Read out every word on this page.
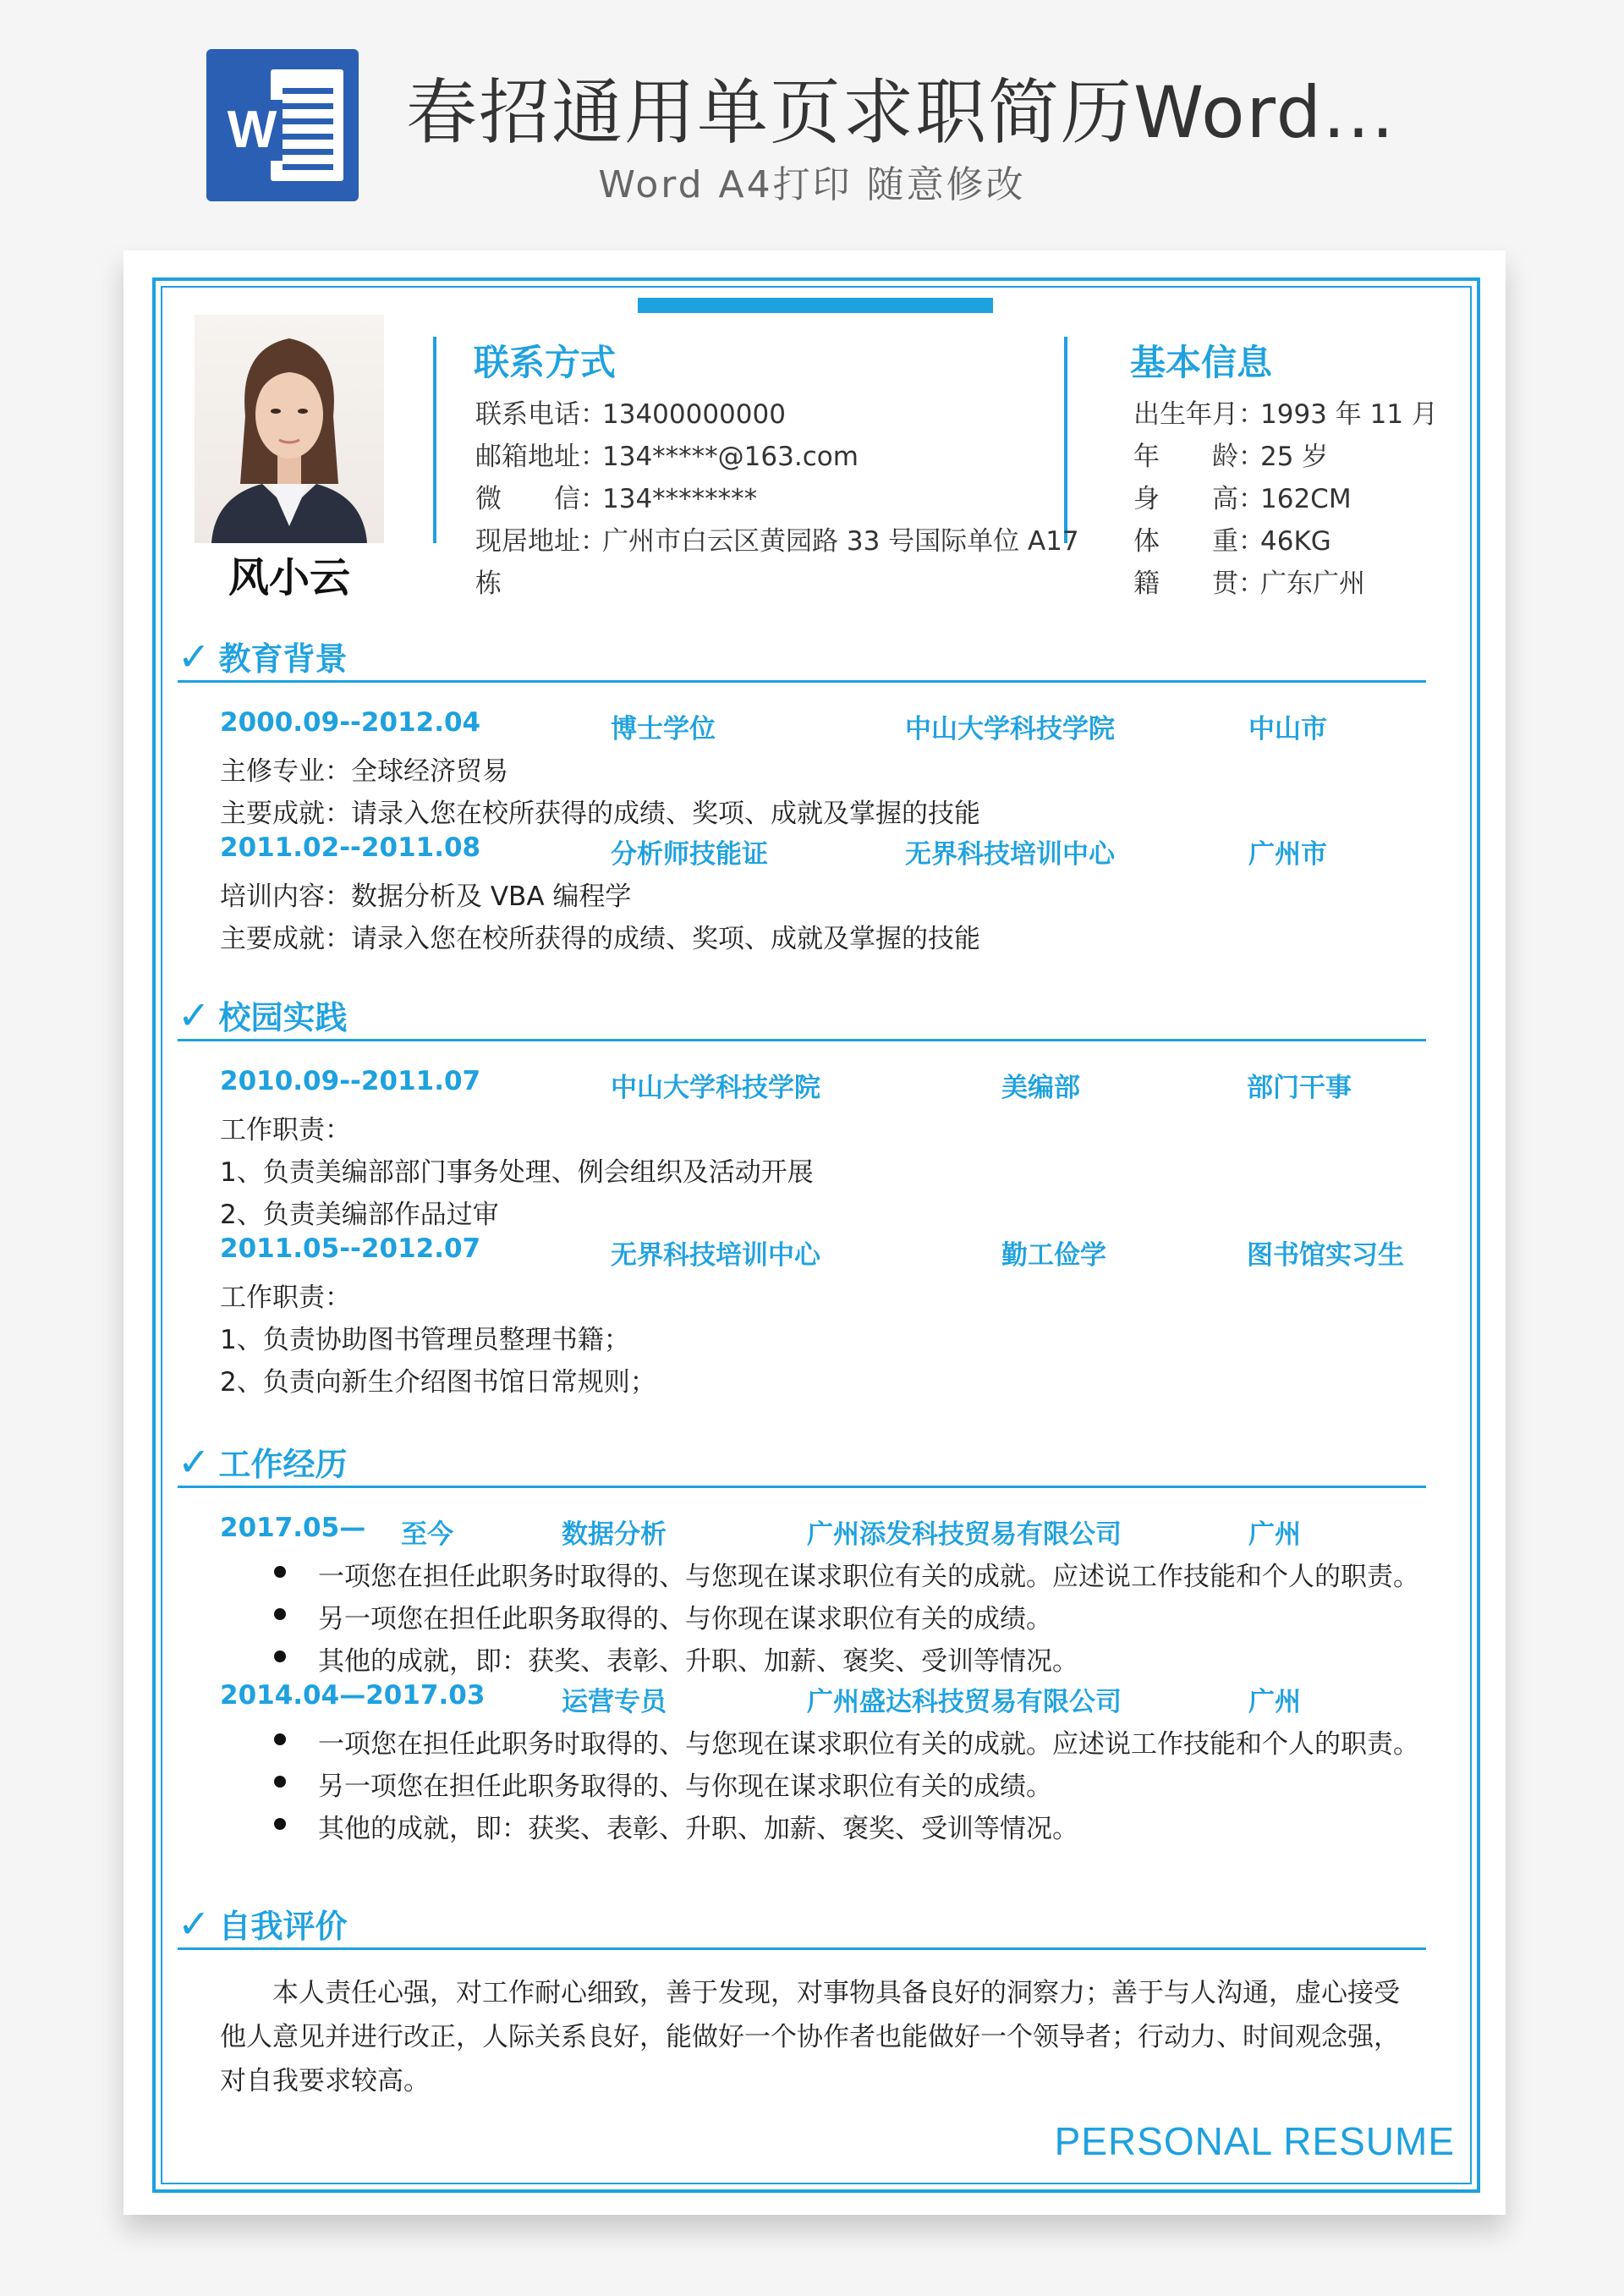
W 春招通用单页求职简历Word...
Word A4打印 随意修改
风小云
联系方式
联系电话：13400000000
邮箱地址：134*****@163.com
微　　信：134********
现居地址：广州市白云区黄园路 33 号国际单位 A17
栋
基本信息
出生年月：1993 年 11 月
年　　龄：25 岁
身　　高：162CM
体　　重：46KG
籍　　贯：广东广州
✓ 教育背景
2000.09--2012.04	博士学位	中山大学科技学院	中山市
主修专业：全球经济贸易
主要成就：请录入您在校所获得的成绩、奖项、成就及掌握的技能
2011.02--2011.08	分析师技能证	无界科技培训中心	广州市
培训内容：数据分析及 VBA 编程学
主要成就：请录入您在校所获得的成绩、奖项、成就及掌握的技能
✓ 校园实践
2010.09--2011.07	中山大学科技学院	美编部	部门干事
工作职责：
1、负责美编部部门事务处理、例会组织及活动开展
2、负责美编部作品过审
2011.05--2012.07	无界科技培训中心	勤工俭学	图书馆实习生
工作职责：
1、负责协助图书管理员整理书籍；
2、负责向新生介绍图书馆日常规则；
✓ 工作经历
2017.05— 至今	数据分析	广州添发科技贸易有限公司	广州
一项您在担任此职务时取得的、与您现在谋求职位有关的成就。应述说工作技能和个人的职责。
另一项您在担任此职务取得的、与你现在谋求职位有关的成绩。
其他的成就，即：获奖、表彰、升职、加薪、褒奖、受训等情况。
2014.04—2017.03	运营专员	广州盛达科技贸易有限公司	广州
一项您在担任此职务时取得的、与您现在谋求职位有关的成就。应述说工作技能和个人的职责。
另一项您在担任此职务取得的、与你现在谋求职位有关的成绩。
其他的成就，即：获奖、表彰、升职、加薪、褒奖、受训等情况。
✓ 自我评价
本人责任心强，对工作耐心细致，善于发现，对事物具备良好的洞察力；善于与人沟通，虚心接受他人意见并进行改正，人际关系良好，能做好一个协作者也能做好一个领导者；行动力、时间观念强，对自我要求较高。
PERSONAL RESUME
